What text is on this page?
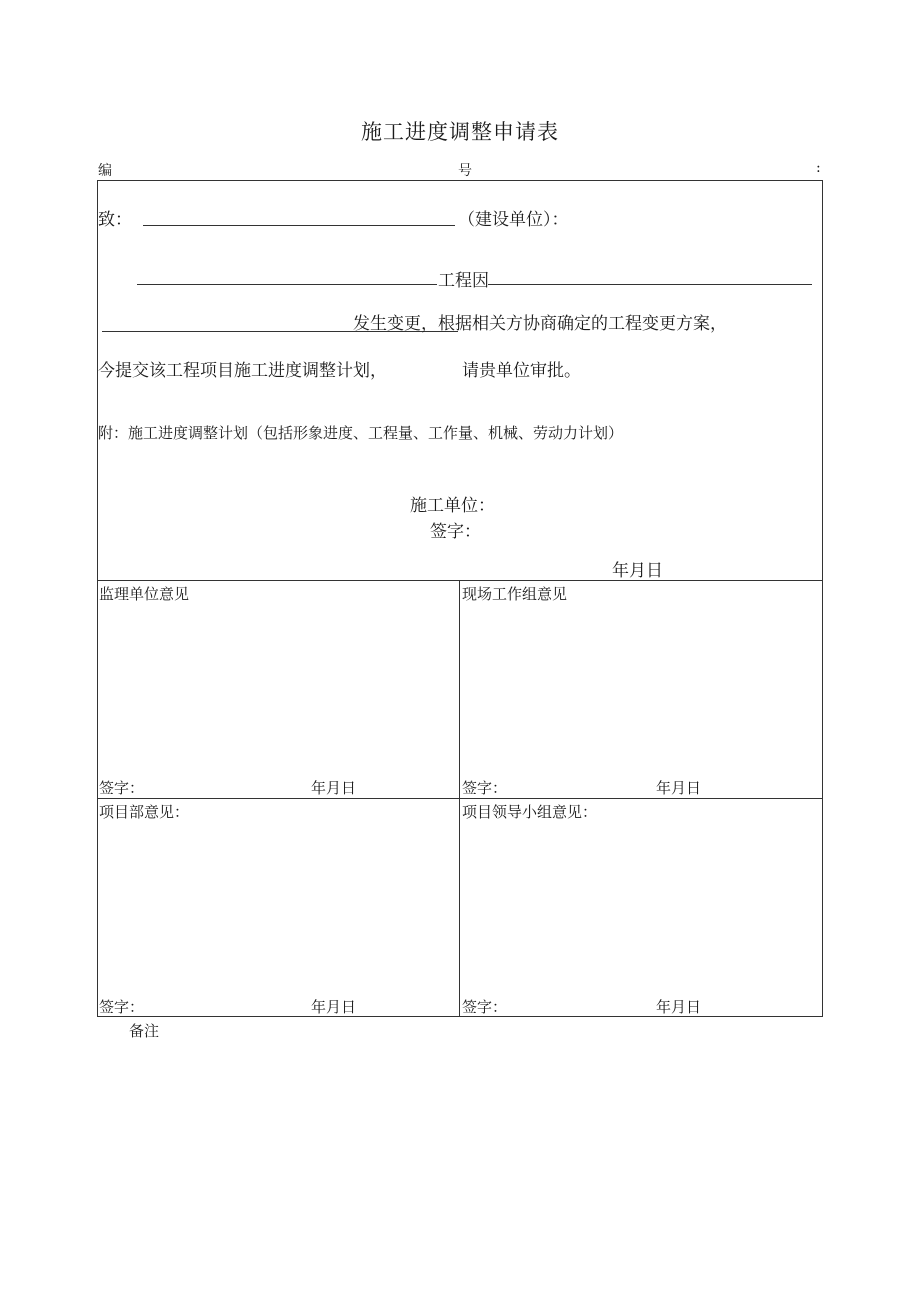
施工进度调整申请表
编	号	:
致：	（建设单位）：
工程因
发生变更，根据相关方协商确定的工程变更方案，
今提交该工程项目施工进度调整计划，	请贵单位审批。
附：施工进度调整计划（包括形象进度、工程量、工作量、机械、劳动力计划）
施工单位：
签字：
年月日
监理单位意见
签字：	年月日
现场工作组意见
签字：	年月日
项目部意见：
签字：	年月日
项目领导小组意见：
签字：	年月日
备注
